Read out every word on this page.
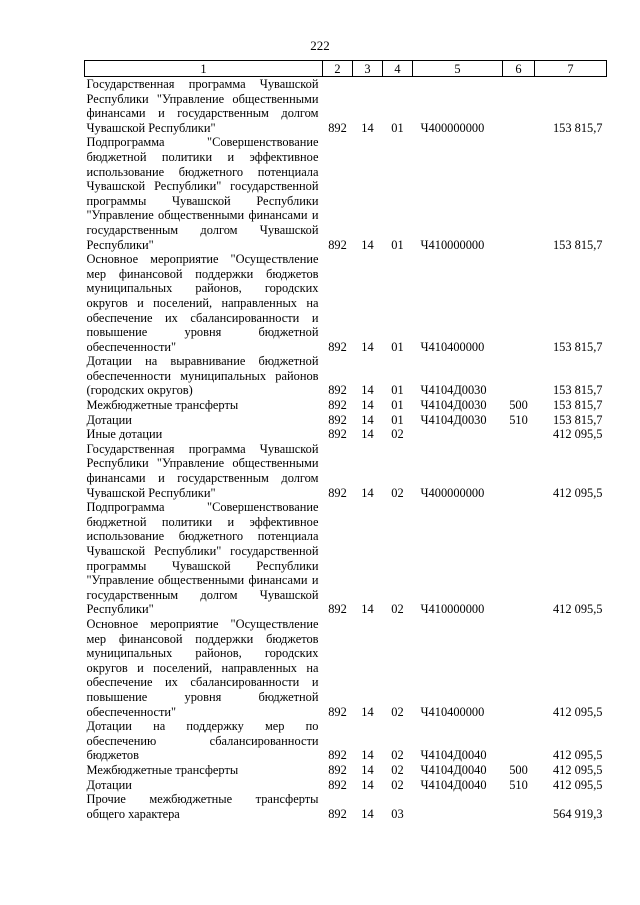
222
1	2	3	4	5	6	7
Государственная программа Чувашской Республики "Управление общественными финансами и государственным долгом Чувашской Республики"	892	14	01	Ч400000000		153 815,7
Подпрограмма "Совершенствование бюджетной политики и эффективное использование бюджетного потенциала Чувашской Республики" государственной программы Чувашской Республики "Управление общественными финансами и государственным долгом Чувашской Республики"	892	14	01	Ч410000000		153 815,7
Основное мероприятие "Осуществление мер финансовой поддержки бюджетов муниципальных районов, городских округов и поселений, направленных на обеспечение их сбалансированности и повышение уровня бюджетной обеспеченности"	892	14	01	Ч410400000		153 815,7
Дотации на выравнивание бюджетной обеспеченности муниципальных районов (городских округов)	892	14	01	Ч4104Д0030		153 815,7
Межбюджетные трансферты	892	14	01	Ч4104Д0030	500	153 815,7
Дотации	892	14	01	Ч4104Д0030	510	153 815,7
Иные дотации	892	14	02			412 095,5
Государственная программа Чувашской Республики "Управление общественными финансами и государственным долгом Чувашской Республики"	892	14	02	Ч400000000		412 095,5
Подпрограмма "Совершенствование бюджетной политики и эффективное использование бюджетного потенциала Чувашской Республики" государственной программы Чувашской Республики "Управление общественными финансами и государственным долгом Чувашской Республики"	892	14	02	Ч410000000		412 095,5
Основное мероприятие "Осуществление мер финансовой поддержки бюджетов муниципальных районов, городских округов и поселений, направленных на обеспечение их сбалансированности и повышение уровня бюджетной обеспеченности"	892	14	02	Ч410400000		412 095,5
Дотации на поддержку мер по обеспечению сбалансированности бюджетов	892	14	02	Ч4104Д0040		412 095,5
Межбюджетные трансферты	892	14	02	Ч4104Д0040	500	412 095,5
Дотации	892	14	02	Ч4104Д0040	510	412 095,5
Прочие межбюджетные трансферты общего характера	892	14	03			564 919,3
